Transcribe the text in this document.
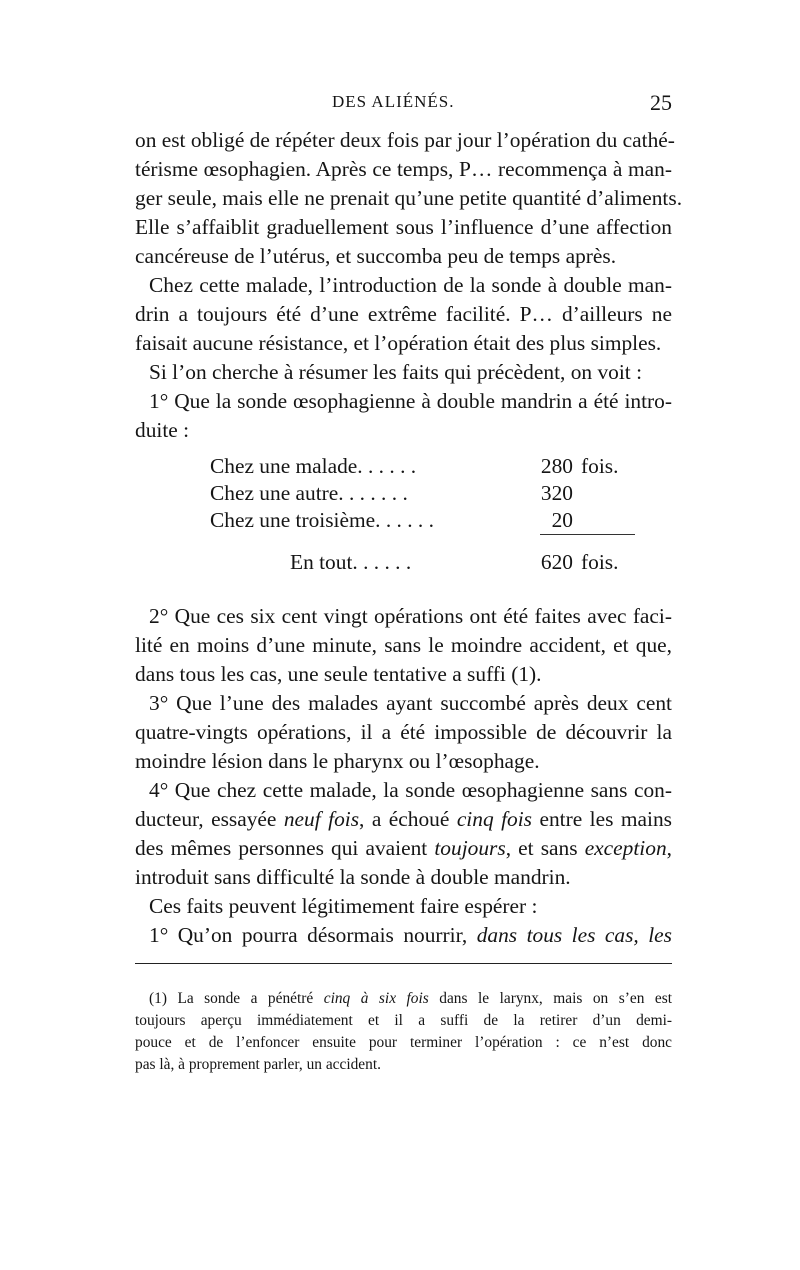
DES ALIÉNÉS.	25
on est obligé de répéter deux fois par jour l’opération du cathé-
térisme œsophagien. Après ce temps, P… recommença à man-
ger seule, mais elle ne prenait qu’une petite quantité d’aliments.
Elle s’affaiblit graduellement sous l’influence d’une affection
cancéreuse de l’utérus, et succomba peu de temps après.
Chez cette malade, l’introduction de la sonde à double man-
drin a toujours été d’une extrême facilité. P… d’ailleurs ne
faisait aucune résistance, et l’opération était des plus simples.
Si l’on cherche à résumer les faits qui précèdent, on voit :
1° Que la sonde œsophagienne à double mandrin a été intro-
duite :
Chez une malade. . . . . .	280 fois.
Chez une autre. . . . . . .	320
Chez une troisième. . . . . .	20
En tout. . . . . .	620 fois.
2° Que ces six cent vingt opérations ont été faites avec faci-
lité en moins d’une minute, sans le moindre accident, et que,
dans tous les cas, une seule tentative a suffi (1).
3° Que l’une des malades ayant succombé après deux cent
quatre-vingts opérations, il a été impossible de découvrir la
moindre lésion dans le pharynx ou l’œsophage.
4° Que chez cette malade, la sonde œsophagienne sans con-
ducteur, essayée neuf fois, a échoué cinq fois entre les mains
des mêmes personnes qui avaient toujours, et sans exception,
introduit sans difficulté la sonde à double mandrin.
Ces faits peuvent légitimement faire espérer :
1° Qu’on pourra désormais nourrir, dans tous les cas, les
(1) La sonde a pénétré cinq à six fois dans le larynx, mais on s’en est
toujours aperçu immédiatement et il a suffi de la retirer d’un demi-
pouce et de l’enfoncer ensuite pour terminer l’opération : ce n’est donc
pas là, à proprement parler, un accident.
